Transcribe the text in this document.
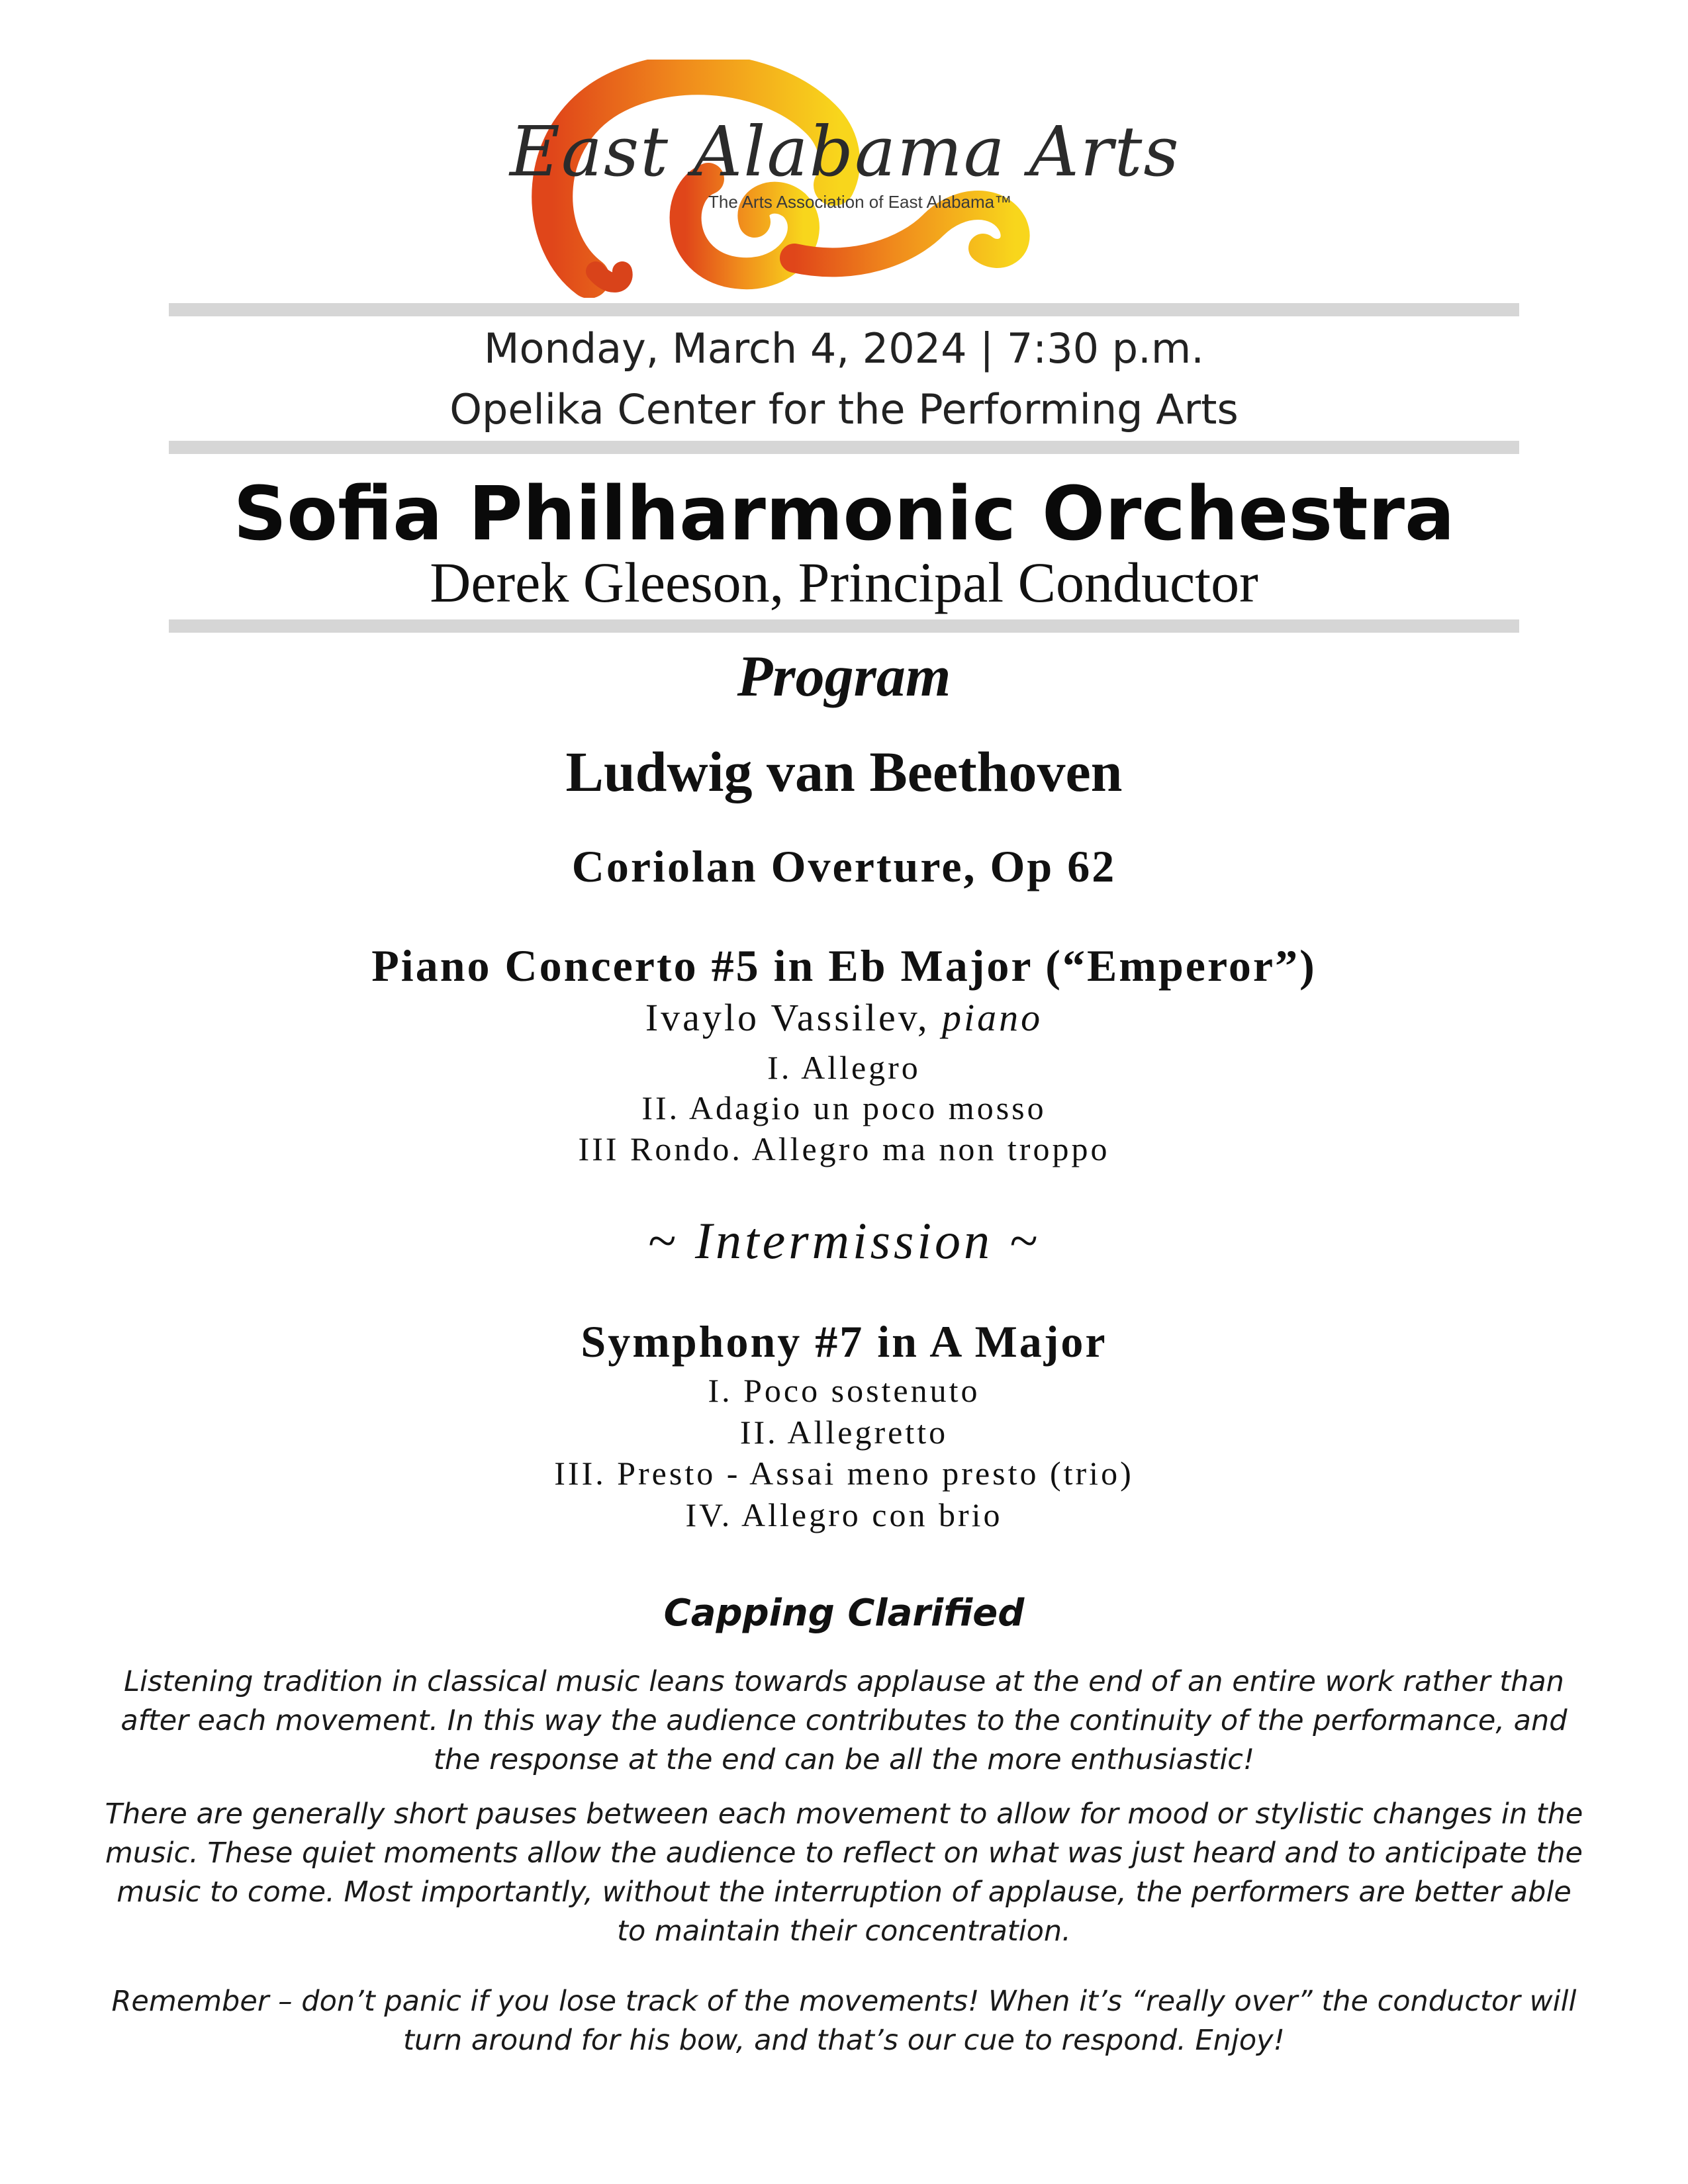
East Alabama Arts
The Arts Association of East Alabama™
Monday, March 4, 2024 | 7:30 p.m.
Opelika Center for the Performing Arts
Sofia Philharmonic Orchestra
Derek Gleeson, Principal Conductor
Program
Ludwig van Beethoven
Coriolan Overture, Op 62
Piano Concerto #5 in Eb Major (“Emperor”)
Ivaylo Vassilev, piano
I. Allegro
II. Adagio un poco mosso
III Rondo. Allegro ma non troppo
~ Intermission ~
Symphony #7 in A Major
I. Poco sostenuto
II. Allegretto
III. Presto - Assai meno presto (trio)
IV. Allegro con brio
Capping Clarified
Listening tradition in classical music leans towards applause at the end of an entire work rather than after each movement. In this way the audience contributes to the continuity of the performance, and the response at the end can be all the more enthusiastic!
There are generally short pauses between each movement to allow for mood or stylistic changes in the music. These quiet moments allow the audience to reflect on what was just heard and to anticipate the music to come. Most importantly, without the interruption of applause, the performers are better able to maintain their concentration.
Remember – don’t panic if you lose track of the movements! When it’s “really over” the conductor will turn around for his bow, and that’s our cue to respond. Enjoy!
